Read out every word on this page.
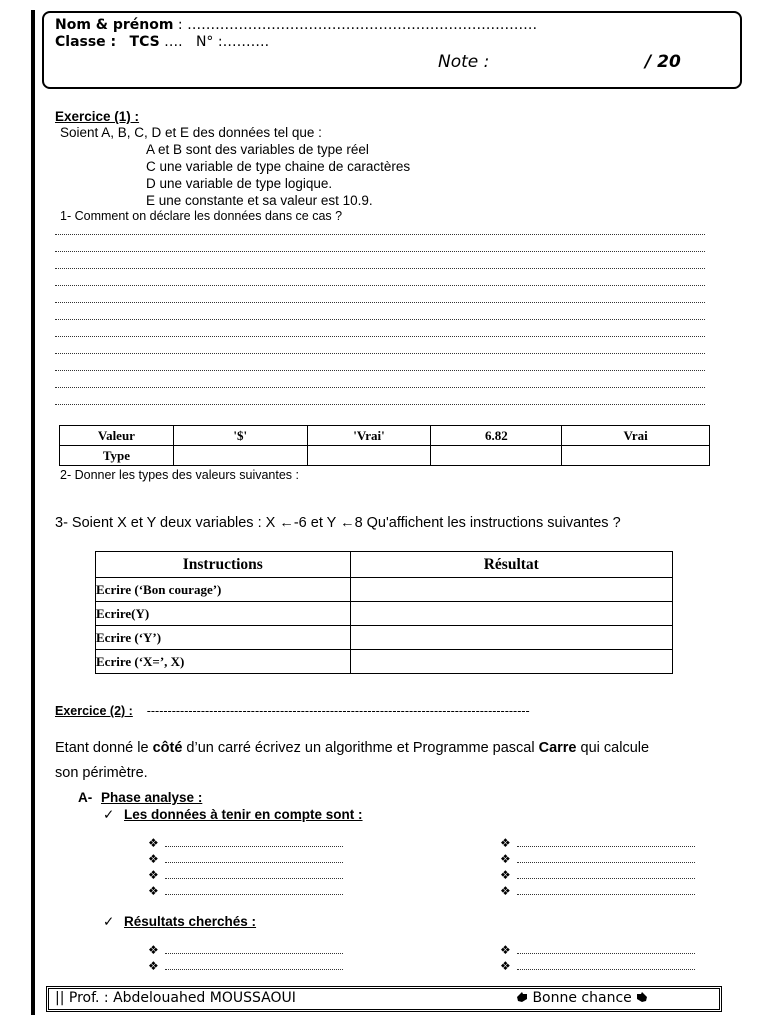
Nom & prénom : …………………………………………………………………
Classe : TCS …. N° :……….
Note :	/ 20
Exercice (1) :
Soient A, B, C, D et E des données tel que :
A et B sont des variables de type réel
C une variable de type chaine de caractères
D une variable de type logique.
E une constante et sa valeur est 10.9.
1- Comment on déclare les données dans ce cas ?
Valeur	'$'	'Vrai'	6.82	Vrai
Type				
2- Donner les types des valeurs suivantes :
3- Soient X et Y deux variables : X ←-6 et Y ←8 Qu'affichent les instructions suivantes ?
Instructions	Résultat
Ecrire (‘Bon courage’)	
Ecrire(Y)	
Ecrire (‘Y’)	
Ecrire (‘X=’, X)	
Exercice (2) : --------------------------------------------------------------------------------------------
Etant donné le côté d’un carré écrivez un algorithme et Programme pascal Carre qui calcule
son périmètre.
A- Phase analyse :
✓ Les données à tenir en compte sont :
❖
❖
❖
❖
❖
❖
❖
❖
✓ Résultats cherchés :
❖
❖
❖
❖
|| Prof. : Abdelouahed MOUSSAOUI	Bonne chance
